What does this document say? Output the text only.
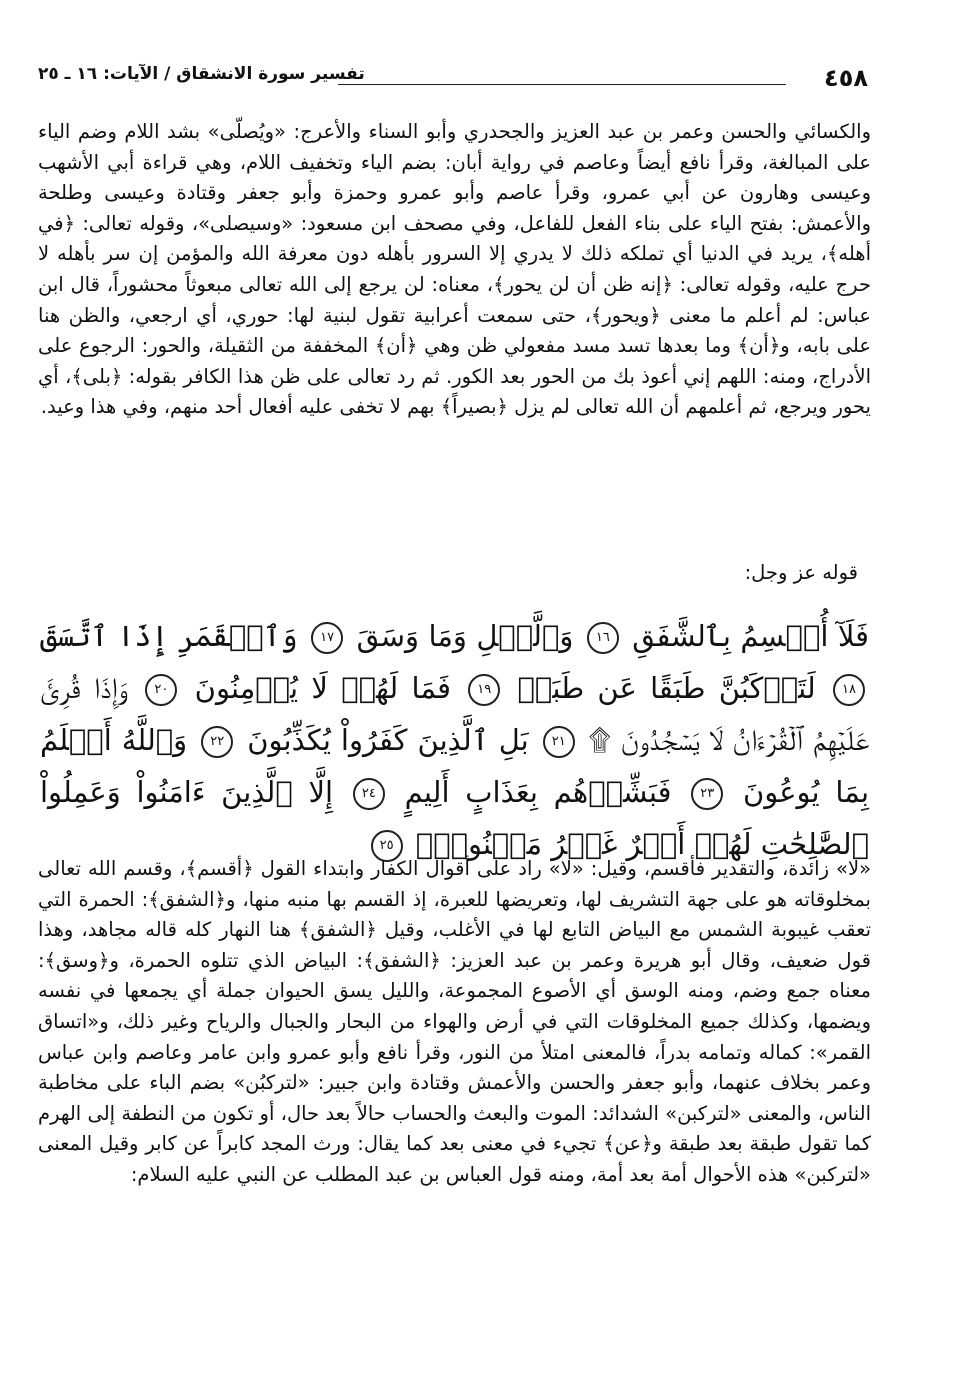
٤٥٨
تفسير سورة الانشقاق / الآيات: ١٦ ـ ٢٥
والكسائي والحسن وعمر بن عبد العزيز والجحدري وأبو السناء والأعرج: «ويُصلّى» بشد اللام وضم الياء على المبالغة، وقرأ نافع أيضاً وعاصم في رواية أبان: بضم الياء وتخفيف اللام، وهي قراءة أبي الأشهب وعيسى وهارون عن أبي عمرو، وقرأ عاصم وأبو عمرو وحمزة وأبو جعفر وقتادة وعيسى وطلحة والأعمش: بفتح الياء على بناء الفعل للفاعل، وفي مصحف ابن مسعود: «وسيصلى»، وقوله تعالى: ﴿في أهله﴾، يريد في الدنيا أي تملكه ذلك لا يدري إلا السرور بأهله دون معرفة الله والمؤمن إن سر بأهله لا حرج عليه، وقوله تعالى: ﴿إنه ظن أن لن يحور﴾، معناه: لن يرجع إلى الله تعالى مبعوثاً محشوراً، قال ابن عباس: لم أعلم ما معنى ﴿ويحور﴾، حتى سمعت أعرابية تقول لبنية لها: حوري، أي ارجعي، والظن هنا على بابه، و﴿أن﴾ وما بعدها تسد مسد مفعولي ظن وهي ﴿أن﴾ المخففة من الثقيلة، والحور: الرجوع على الأدراج، ومنه: اللهم إني أعوذ بك من الحور بعد الكور. ثم رد تعالى على ظن هذا الكافر بقوله: ﴿بلى﴾، أي يحور ويرجع، ثم أعلمهم أن الله تعالى لم يزل ﴿بصيراً﴾ بهم لا تخفى عليه أفعال أحد منهم، وفي هذا وعيد.
قوله عز وجل:
فَلَآ أُقۡسِمُ بِٱلشَّفَقِ ١٦ وَٱلَّيۡلِ وَمَا وَسَقَ ١٧ وَٱلۡقَمَرِ إِذَا ٱتَّسَقَ ١٨ لَتَرۡكَبُنَّ طَبَقًا عَن طَبَقٖ ١٩ فَمَا لَهُمۡ لَا يُؤۡمِنُونَ ٢٠ وَإِذَا قُرِئَ عَلَيۡهِمُ ٱلۡقُرۡءَانُ لَا يَسۡجُدُونَ ۩ ٢١ بَلِ ٱلَّذِينَ كَفَرُواْ يُكَذِّبُونَ ٢٢ وَٱللَّهُ أَعۡلَمُ بِمَا يُوعُونَ ٢٣ فَبَشِّرۡهُم بِعَذَابٍ أَلِيمٍ ٢٤ إِلَّا ٱلَّذِينَ ءَامَنُواْ وَعَمِلُواْ ٱلصَّٰلِحَٰتِ لَهُمۡ أَجۡرٌ غَيۡرُ مَمۡنُونِۭ ٢٥
«لا» زائدة، والتقدير فأقسم، وقيل: «لا» راد على أقوال الكفار وابتداء القول ﴿أقسم﴾، وقسم الله تعالى بمخلوقاته هو على جهة التشريف لها، وتعريضها للعبرة، إذ القسم بها منبه منها، و﴿الشفق﴾: الحمرة التي تعقب غيبوبة الشمس مع البياض التابع لها في الأغلب، وقيل ﴿الشفق﴾ هنا النهار كله قاله مجاهد، وهذا قول ضعيف، وقال أبو هريرة وعمر بن عبد العزيز: ﴿الشفق﴾: البياض الذي تتلوه الحمرة، و﴿وسق﴾: معناه جمع وضم، ومنه الوسق أي الأصوع المجموعة، والليل يسق الحيوان جملة أي يجمعها في نفسه ويضمها، وكذلك جميع المخلوقات التي في أرض والهواء من البحار والجبال والرياح وغير ذلك، و«اتساق القمر»: كماله وتمامه بدراً، فالمعنى امتلأ من النور، وقرأ نافع وأبو عمرو وابن عامر وعاصم وابن عباس وعمر بخلاف عنهما، وأبو جعفر والحسن والأعمش وقتادة وابن جبير: «لتركبُن» بضم الباء على مخاطبة الناس، والمعنى «لتركبن» الشدائد: الموت والبعث والحساب حالاً بعد حال، أو تكون من النطفة إلى الهرم كما تقول طبقة بعد طبقة و﴿عن﴾ تجيء في معنى بعد كما يقال: ورث المجد كابراً عن كابر وقيل المعنى «لتركبن» هذه الأحوال أمة بعد أمة، ومنه قول العباس بن عبد المطلب عن النبي عليه السلام:
